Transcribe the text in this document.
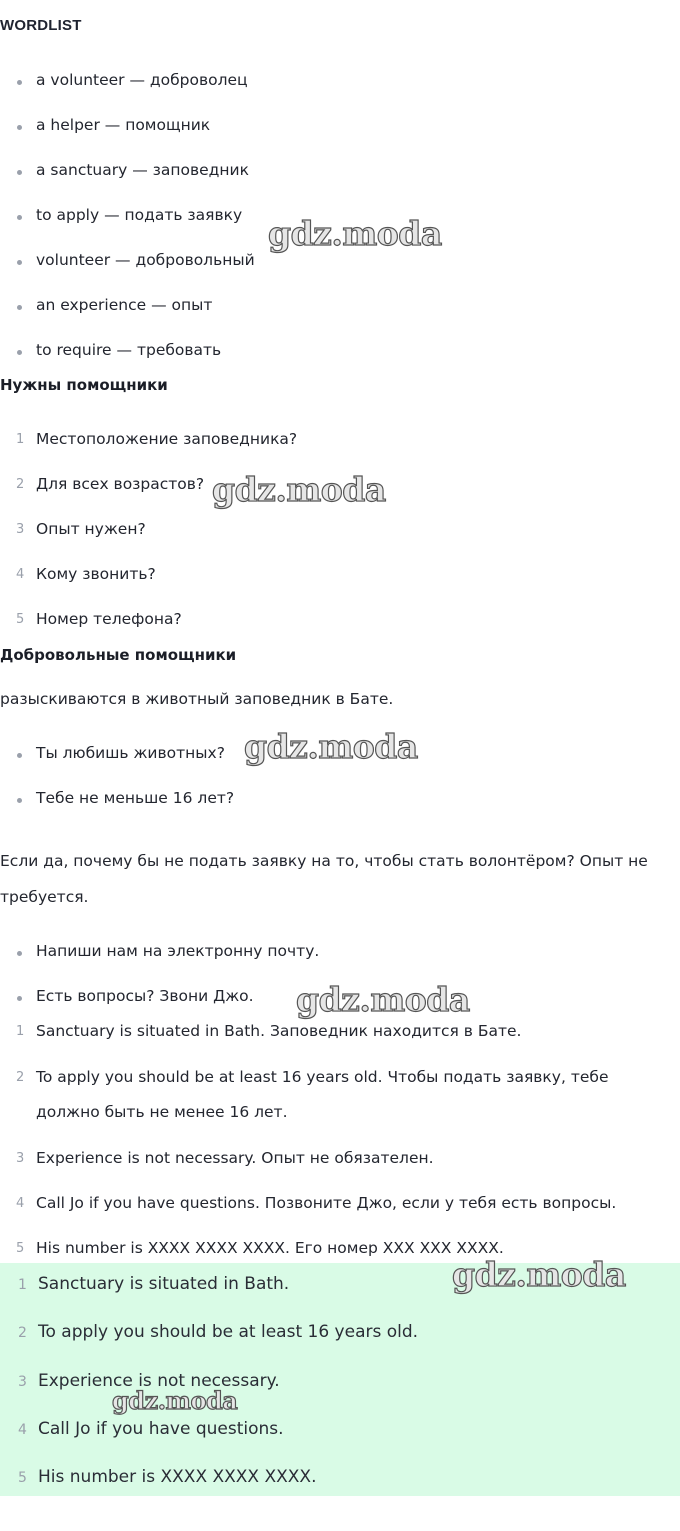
WORDLIST
a volunteer — доброволец
a helper — помощник
a sanctuary — заповедник
to apply — подать заявку
volunteer — добровольный
an experience — опыт
to require — требовать
Нужны помощники
1 Местоположение заповедника?
2 Для всех возрастов?
3 Опыт нужен?
4 Кому звонить?
5 Номер телефона?
Добровольные помощники
разыскиваются в животный заповедник в Бате.
Ты любишь животных?
Тебе не меньше 16 лет?
Если да, почему бы не подать заявку на то, чтобы стать волонтёром? Опыт не требуется.
Напиши нам на электронну почту.
Есть вопросы? Звони Джо.
1 Sanctuary is situated in Bath. Заповедник находится в Бате.
2 To apply you should be at least 16 years old. Чтобы подать заявку, тебе
должно быть не менее 16 лет.
3 Experience is not necessary. Опыт не обязателен.
4 Call Jo if you have questions. Позвоните Джо, если у тебя есть вопросы.
5 His number is XXXX XXXX XXXX. Его номер XXX XXX XXXX.
1 Sanctuary is situated in Bath.
2 To apply you should be at least 16 years old.
3 Experience is not necessary.
4 Call Jo if you have questions.
5 His number is XXXX XXXX XXXX.
gdz.moda
gdz.moda
gdz.moda
gdz.moda
gdz.moda
gdz.moda
